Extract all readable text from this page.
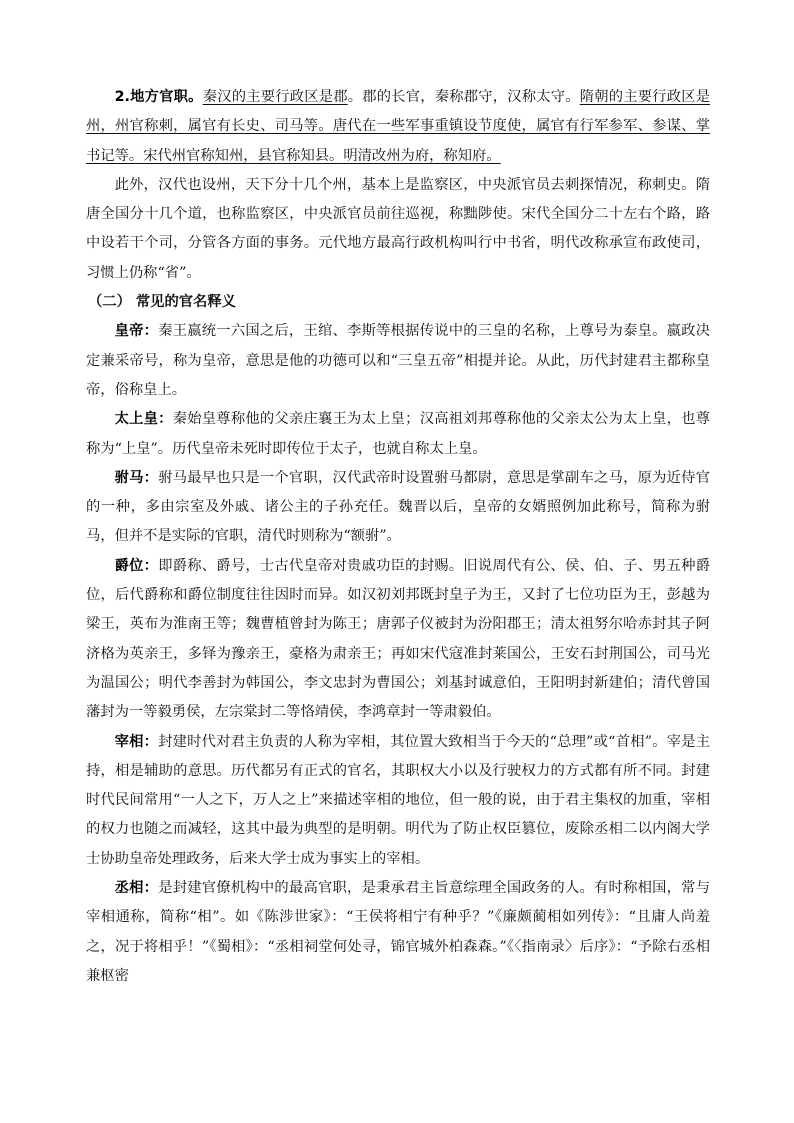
2.地方官职。秦汉的主要行政区是郡。郡的长官，秦称郡守，汉称太守。隋朝的主要行政区是州，州官称刺，属官有长史、司马等。唐代在一些军事重镇设节度使，属官有行军参军、参谋、掌书记等。宋代州官称知州，县官称知县。明清改州为府，称知府。

此外，汉代也设州，天下分十几个州，基本上是监察区，中央派官员去刺探情况，称刺史。隋唐全国分十几个道，也称监察区，中央派官员前往巡视，称黜陟使。宋代全国分二十左右个路，路中设若干个司，分管各方面的事务。元代地方最高行政机构叫行中书省，明代改称承宣布政使司，习惯上仍称“省”。

（二） 常见的官名释义

皇帝：秦王嬴统一六国之后，王绾、李斯等根据传说中的三皇的名称，上尊号为泰皇。嬴政决定兼采帝号，称为皇帝，意思是他的功德可以和“三皇五帝”相提并论。从此，历代封建君主都称皇帝，俗称皇上。

太上皇：秦始皇尊称他的父亲庄襄王为太上皇；汉高祖刘邦尊称他的父亲太公为太上皇，也尊称为“上皇”。历代皇帝未死时即传位于太子，也就自称太上皇。

驸马：驸马最早也只是一个官职，汉代武帝时设置驸马都尉，意思是掌副车之马，原为近侍官的一种，多由宗室及外戚、诸公主的子孙充任。魏晋以后，皇帝的女婿照例加此称号，简称为驸马，但并不是实际的官职，清代时则称为“额驸”。

爵位：即爵称、爵号，士古代皇帝对贵戚功臣的封赐。旧说周代有公、侯、伯、子、男五种爵位，后代爵称和爵位制度往往因时而异。如汉初刘邦既封皇子为王，又封了七位功臣为王，彭越为梁王，英布为淮南王等；魏曹植曾封为陈王；唐郭子仪被封为汾阳郡王；清太祖努尔哈赤封其子阿济格为英亲王，多铎为豫亲王，豪格为肃亲王；再如宋代寇准封莱国公，王安石封荆国公，司马光为温国公；明代李善封为韩国公，李文忠封为曹国公；刘基封诚意伯，王阳明封新建伯；清代曾国藩封为一等毅勇侯，左宗棠封二等恪靖侯，李鸿章封一等肃毅伯。

宰相：封建时代对君主负责的人称为宰相，其位置大致相当于今天的“总理”或“首相”。宰是主持，相是辅助的意思。历代都另有正式的官名，其职权大小以及行驶权力的方式都有所不同。封建时代民间常用“一人之下，万人之上”来描述宰相的地位，但一般的说，由于君主集权的加重，宰相的权力也随之而减轻，这其中最为典型的是明朝。明代为了防止权臣篡位，废除丞相二以内阁大学士协助皇帝处理政务，后来大学士成为事实上的宰相。

丞相：是封建官僚机构中的最高官职，是秉承君主旨意综理全国政务的人。有时称相国，常与宰相通称，简称“相”。如《陈涉世家》：“王侯将相宁有种乎？”《廉颇蔺相如列传》：“且庸人尚羞之，况于将相乎！”《蜀相》：“丞相祠堂何处寻，锦官城外柏森森。”《〈指南录〉后序》：“予除右丞相兼枢密
